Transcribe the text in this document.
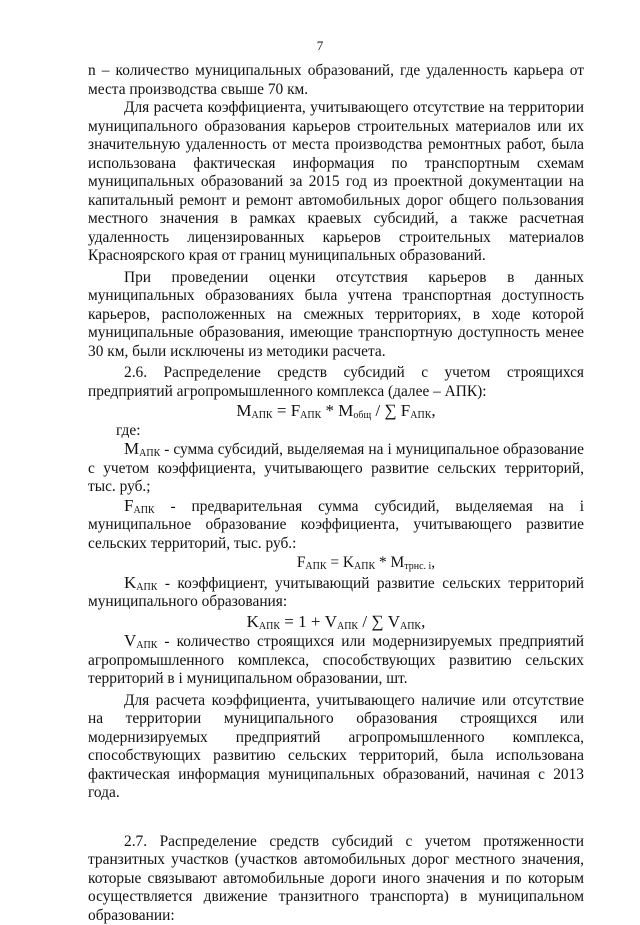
7

n – количество муниципальных образований, где удаленность карьера от места производства свыше 70 км.

Для расчета коэффициента, учитывающего отсутствие на территории муниципального образования карьеров строительных материалов или их значительную удаленность от места производства ремонтных работ, была использована фактическая информация по транспортным схемам муниципальных образований за 2015 год из проектной документации на капитальный ремонт и ремонт автомобильных дорог общего пользования местного значения в рамках краевых субсидий, а также расчетная удаленность лицензированных карьеров строительных материалов Красноярского края от границ муниципальных образований.

При проведении оценки отсутствия карьеров в данных муниципальных образованиях была учтена транспортная доступность карьеров, расположенных на смежных территориях, в ходе которой муниципальные образования, имеющие транспортную доступность менее 30 км, были исключены из методики расчета.

2.6. Распределение средств субсидий с учетом строящихся предприятий агропромышленного комплекса (далее – АПК):

$M_{АПК} = F_{АПК} * M_{общ}$ / ∑ $F_{АПК}$,

где:

$M_{АПК}$ - сумма субсидий, выделяемая на i муниципальное образование с учетом коэффициента, учитывающего развитие сельских территорий, тыс. руб.;

$F_{АПК}$ - предварительная сумма субсидий, выделяемая на i муниципальное образование коэффициента, учитывающего развитие сельских территорий, тыс. руб.:

$F_{АПК} = K_{АПК} * M_{трнс. i}$,

$K_{АПК}$ - коэффициент, учитывающий развитие сельских территорий муниципального образования:

$K_{АПК} = 1 + V_{АПК}$ / ∑ $V_{АПК}$,

$V_{АПК}$ - количество строящихся или модернизируемых предприятий агропромышленного комплекса, способствующих развитию сельских территорий в i муниципальном образовании, шт.

Для расчета коэффициента, учитывающего наличие или отсутствие на территории муниципального образования строящихся или модернизируемых предприятий агропромышленного комплекса, способствующих развитию сельских территорий, была использована фактическая информация муниципальных образований, начиная с 2013 года.

2.7. Распределение средств субсидий с учетом протяженности транзитных участков (участков автомобильных дорог местного значения, которые связывают автомобильные дороги иного значения и по которым осуществляется движение транзитного транспорта) в муниципальном образовании:
